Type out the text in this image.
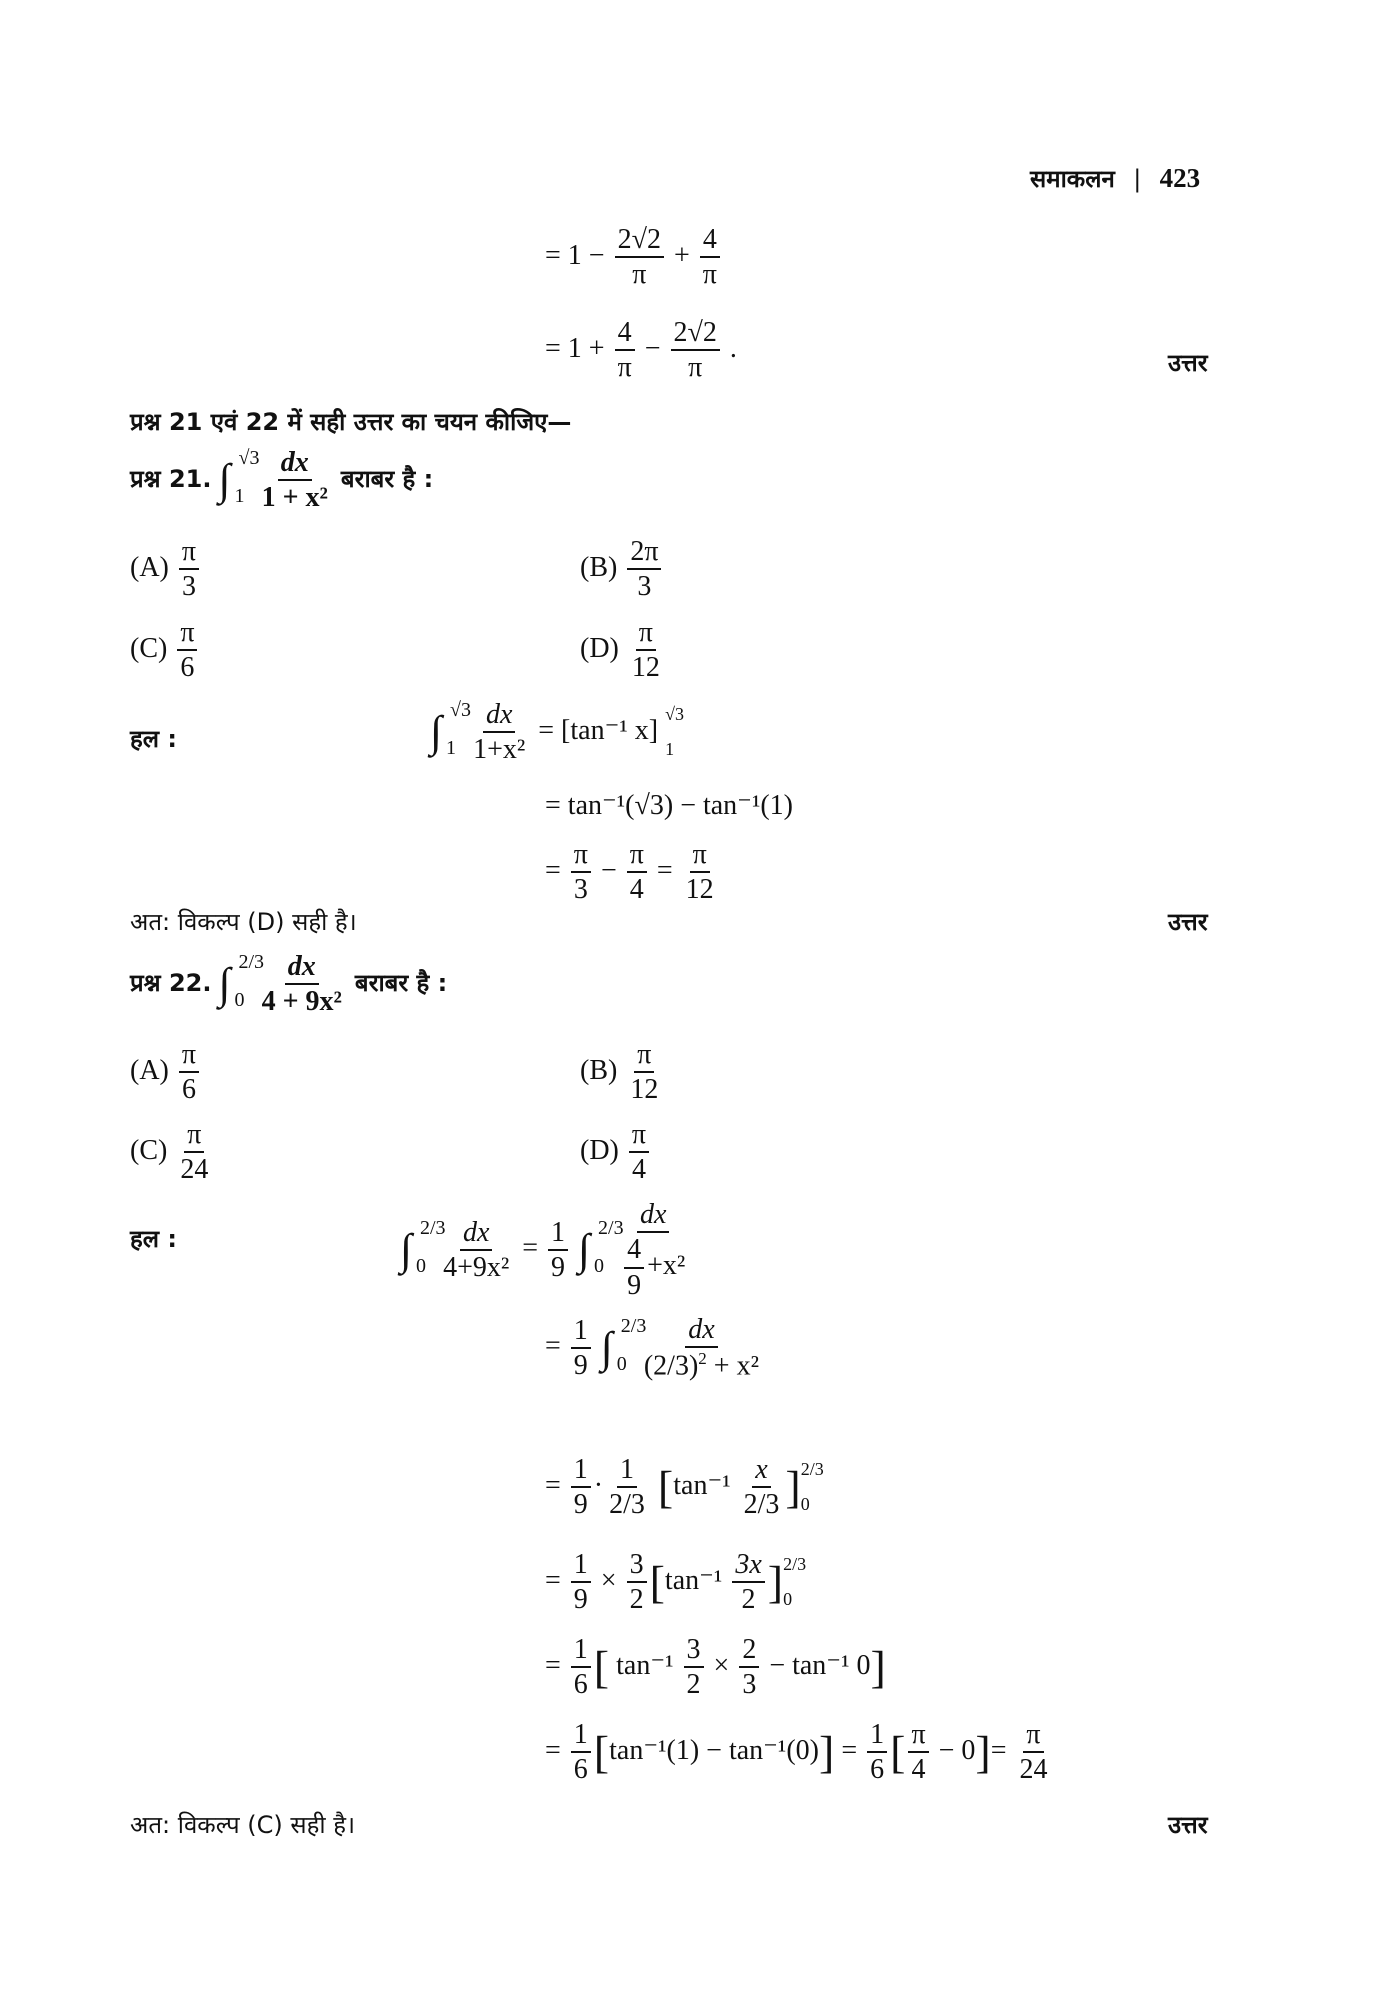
समाकलन | 423
= $1 - \frac{2√2}{\pi} + \frac{4}{\pi}$
= $1 + \frac{4}{\pi} - \frac{2√2}{\pi}$ .	उत्तर
प्रश्न 21 एवं 22 में सही उत्तर का चयन कीजिए—
प्रश्न 21. ∫ √3
1
$\frac{dx}{\text{1 + x²}}$ बराबर है :
$(A) \frac{\pi}{3}$	$(B) \frac{2\pi}{3}$
$(C) \frac{\pi}{6}$	$(D) \frac{\pi}{12}$
हल :	∫ √3
1
$\frac{dx}{\text{1+x²}} = [\tan^{-1}$ x]
√3
1
= tan⁻¹(√3) − tan⁻¹(1)
= $\frac{\pi}{3} - \frac{\pi}{4} = \frac{\pi}{12}$
अत: विकल्प (D) सही है।	उत्तर
प्रश्न 22. ∫ 2/3
0
$\frac{dx}{\text{4 + 9x²}}$ बराबर है :
$(A) \frac{\pi}{6}$	$(B) \frac{\pi}{12}$
$(C) \frac{\pi}{24}$	$(D) \frac{\pi}{4}$
हल :	∫ 2/3
0
$\frac{dx}{\text{4+9x²}} = \frac{1}{9}$ ∫ 2/3
0
$\frac{dx}{\frac{4}{9} +x^2}$
= $\frac{1}{9}$ ∫ 2/3
0
$\frac{dx}{(2/3)^2 + x^2}$
= $\frac{1}{9} \cdot \frac{1}{2/3} [\tan^{-1} \frac{x}{2/3}$ ] 2/3
0
= $\frac{1}{9} \times \frac{3}{2} [\tan^{-1} \frac{3x}{2}$ ] 2/3
0
= $\frac{1}{6}$ [ $\tan^{-1} \frac{3}{2} \times \frac{2}{3} - \tan^{-1}$ 0]
= $\frac{1}{6} [\tan^{-1}(1) - \tan^{-1}(0)] = \frac{1}{6}$ [ $\frac{\pi}{4} - 0]= \frac{\pi}{24}$
अत: विकल्प (C) सही है।	उत्तर
